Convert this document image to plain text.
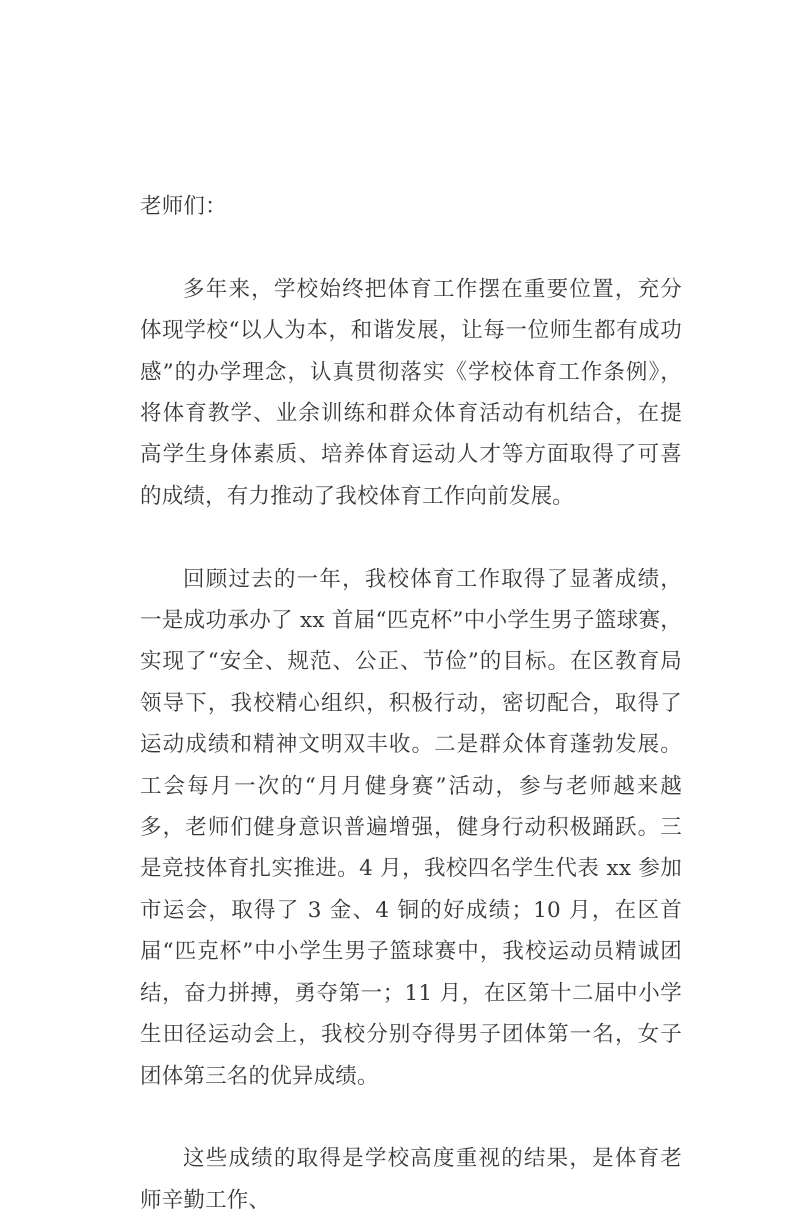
老师们：

多年来，学校始终把体育工作摆在重要位置，充分体现学校“以人为本，和谐发展，让每一位师生都有成功感”的办学理念，认真贯彻落实《学校体育工作条例》，将体育教学、业余训练和群众体育活动有机结合，在提高学生身体素质、培养体育运动人才等方面取得了可喜的成绩，有力推动了我校体育工作向前发展。

回顾过去的一年，我校体育工作取得了显著成绩，一是成功承办了 xx 首届“匹克杯”中小学生男子篮球赛，实现了“安全、规范、公正、节俭”的目标。在区教育局领导下，我校精心组织，积极行动，密切配合，取得了运动成绩和精神文明双丰收。二是群众体育蓬勃发展。工会每月一次的“月月健身赛”活动，参与老师越来越多，老师们健身意识普遍增强，健身行动积极踊跃。三是竞技体育扎实推进。4 月，我校四名学生代表 xx 参加市运会，取得了 3 金、4 铜的好成绩；10 月，在区首届“匹克杯”中小学生男子篮球赛中，我校运动员精诚团结，奋力拼搏，勇夺第一；11 月，在区第十二届中小学生田径运动会上，我校分别夺得男子团体第一名，女子团体第三名的优异成绩。

这些成绩的取得是学校高度重视的结果，是体育老师辛勤工作、
